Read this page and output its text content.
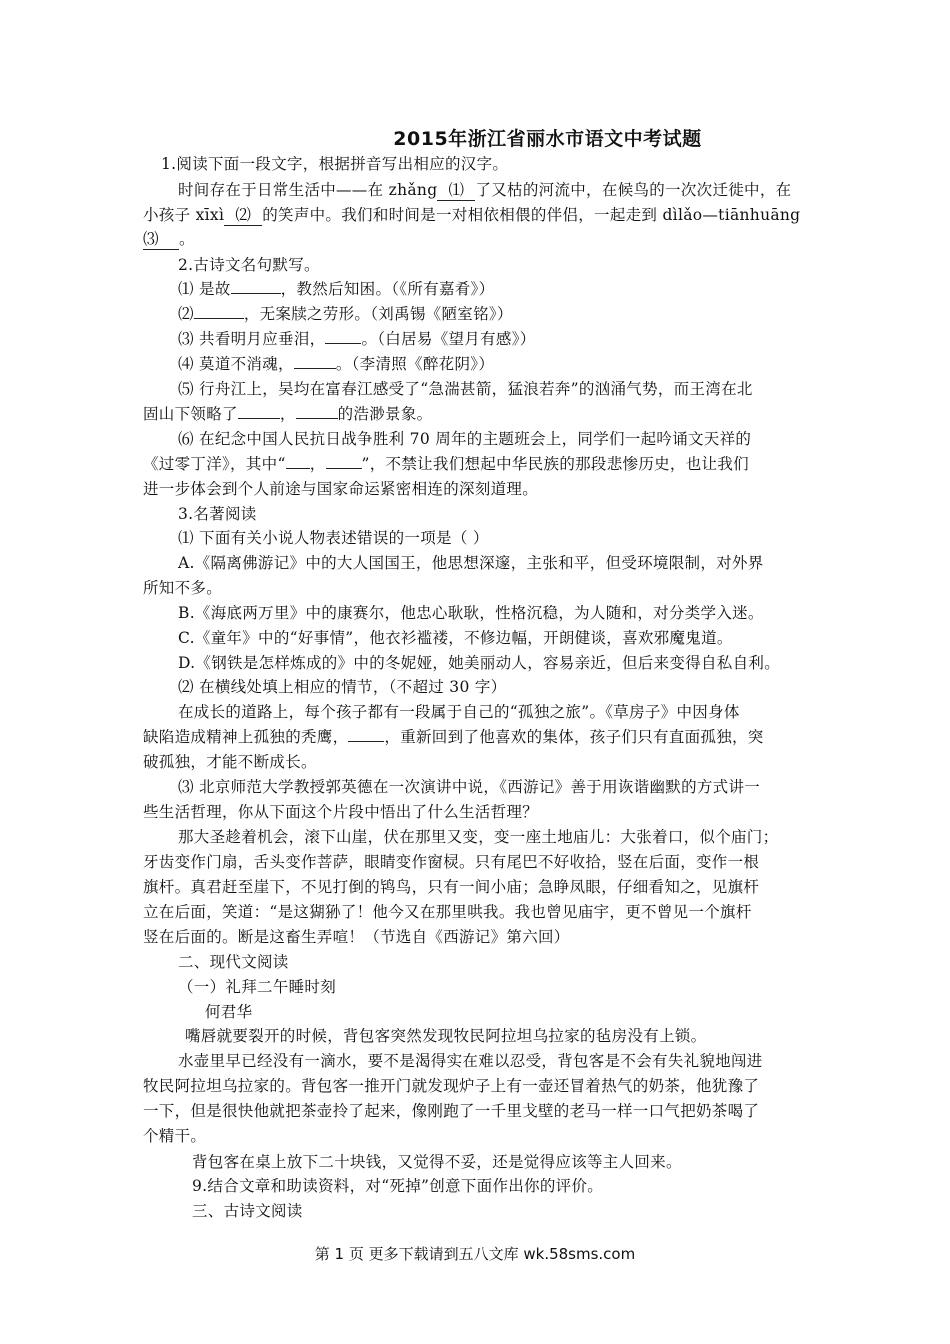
2015年浙江省丽水市语文中考试题
1.阅读下面一段文字，根据拼音写出相应的汉字。
时间存在于日常生活中——在 zhǎng ⑴ 了又枯的河流中，在候鸟的一次次迁徙中，在
小孩子 xīxì ⑵ 的笑声中。我们和时间是一对相依相偎的伴侣，一起走到 dìlǎo—tiānhuāng
⑶ 。
2.古诗文名句默写。
⑴ 是故	，教然后知困。（《所有嘉肴》）
⑵	，无案牍之劳形。（刘禹锡《陋室铭》）
⑶ 共看明月应垂泪， 。（白居易《望月有感》）
⑷ 莫道不消魂，	。（李清照《醉花阴》）
⑸ 行舟江上，吴均在富春江感受了“急湍甚箭，猛浪若奔”的汹涌气势，而王湾在北
固山下领略了	，	的浩渺景象。
⑹ 在纪念中国人民抗日战争胜利 70 周年的主题班会上，同学们一起吟诵文天祥的
《过零丁洋》，其中“ ， ”，不禁让我们想起中华民族的那段悲惨历史，也让我们
进一步体会到个人前途与国家命运紧密相连的深刻道理。
3.名著阅读
⑴ 下面有关小说人物表述错误的一项是（ ）
A.《隔离佛游记》中的大人国国王，他思想深邃，主张和平，但受环境限制，对外界
所知不多。
B.《海底两万里》中的康赛尔，他忠心耿耿，性格沉稳，为人随和，对分类学入迷。
C.《童年》中的“好事情”，他衣衫褴褛，不修边幅，开朗健谈，喜欢邪魔鬼道。
D.《钢铁是怎样炼成的》中的冬妮娅，她美丽动人，容易亲近，但后来变得自私自利。
⑵ 在横线处填上相应的情节，（不超过 30 字）
在成长的道路上，每个孩子都有一段属于自己的“孤独之旅”。《草房子》中因身体
缺陷造成精神上孤独的秃鹰， ，重新回到了他喜欢的集体，孩子们只有直面孤独，突
破孤独，才能不断成长。
⑶ 北京师范大学教授郭英德在一次演讲中说，《西游记》善于用诙谐幽默的方式讲一
些生活哲理，你从下面这个片段中悟出了什么生活哲理？
那大圣趁着机会，滚下山崖，伏在那里又变，变一座土地庙儿：大张着口，似个庙门；
牙齿变作门扇，舌头变作菩萨，眼睛变作窗棂。只有尾巴不好收拾，竖在后面，变作一根
旗杆。真君赶至崖下，不见打倒的鸨鸟，只有一间小庙；急睁凤眼，仔细看知之，见旗杆
立在后面，笑道：“是这猢狲了！他今又在那里哄我。我也曾见庙宇，更不曾见一个旗杆
竖在后面的。断是这畜生弄喧！（节选自《西游记》第六回）
二、现代文阅读
（一）礼拜二午睡时刻
何君华
嘴唇就要裂开的时候，背包客突然发现牧民阿拉坦乌拉家的毡房没有上锁。
水壶里早已经没有一滴水，要不是渴得实在难以忍受，背包客是不会有失礼貌地闯进
牧民阿拉坦乌拉家的。背包客一推开门就发现炉子上有一壶还冒着热气的奶茶，他犹豫了
一下，但是很快他就把茶壶拎了起来，像刚跑了一千里戈壁的老马一样一口气把奶茶喝了
个精干。
背包客在桌上放下二十块钱，又觉得不妥，还是觉得应该等主人回来。
9.结合文章和助读资料，对“死掉”创意下面作出你的评价。
三、古诗文阅读
第 1 页 更多下载请到五八文库 wk.58sms.com
